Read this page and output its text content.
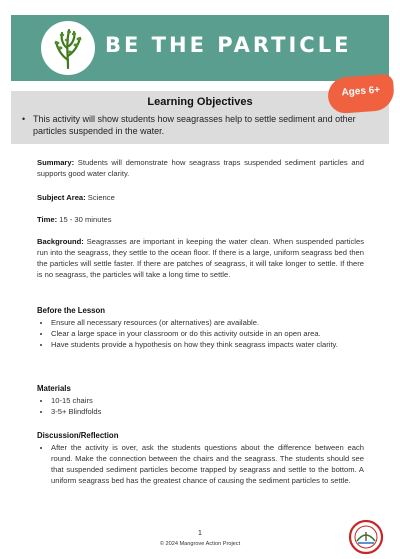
BE THE PARTICLE
Learning Objectives
• This activity will show students how seagrasses help to settle sediment and other particles suspended in the water.
Ages 6+

Summary: Students will demonstrate how seagrass traps suspended sediment particles and supports good water clarity.

Subject Area: Science
Time: 15 - 30 minutes

Background: Seagrasses are important in keeping the water clean. When suspended particles run into the seagrass, they settle to the ocean floor. If there is a large, uniform seagrass bed then the particles will settle faster. If there are patches of seagrass, it will take longer to settle. If there is no seagrass, the particles will take a long time to settle.

Before the Lesson
• Ensure all necessary resources (or alternatives) are available.
• Clear a large space in your classroom or do this activity outside in an open area.
• Have students provide a hypothesis on how they think seagrass impacts water clarity.
Materials
• 10-15 chairs
• 3-5+ Blindfolds
Discussion/Reflection
• After the activity is over, ask the students questions about the difference between each round. Make the connection between the chairs and the seagrass. The students should see that suspended sediment particles become trapped by seagrass and settle to the bottom. A uniform seagrass bed has the greatest chance of causing the sediment particles to settle.
1
© 2024 Mangrove Action Project
